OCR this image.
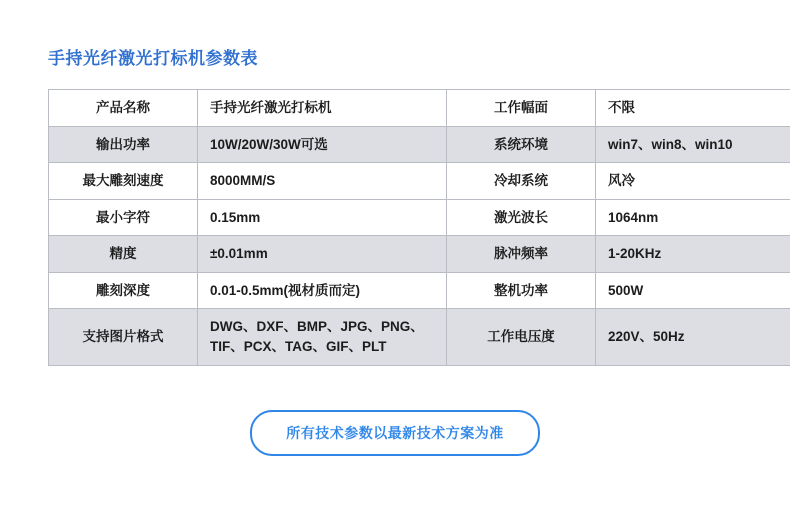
手持光纤激光打标机参数表
产品名称	手持光纤激光打标机	工作幅面	不限
输出功率	10W/20W/30W可选	系统环境	win7、win8、win10
最大雕刻速度	8000MM/S	冷却系统	风冷
最小字符	0.15mm	激光波长	1064nm
精度	±0.01mm	脉冲频率	1-20KHz
雕刻深度	0.01-0.5mm(视材质而定)	整机功率	500W
支持图片格式	DWG、DXF、BMP、JPG、PNG、TIF、PCX、TAG、GIF、PLT	工作电压度	220V、50Hz
所有技术参数以最新技术方案为准
